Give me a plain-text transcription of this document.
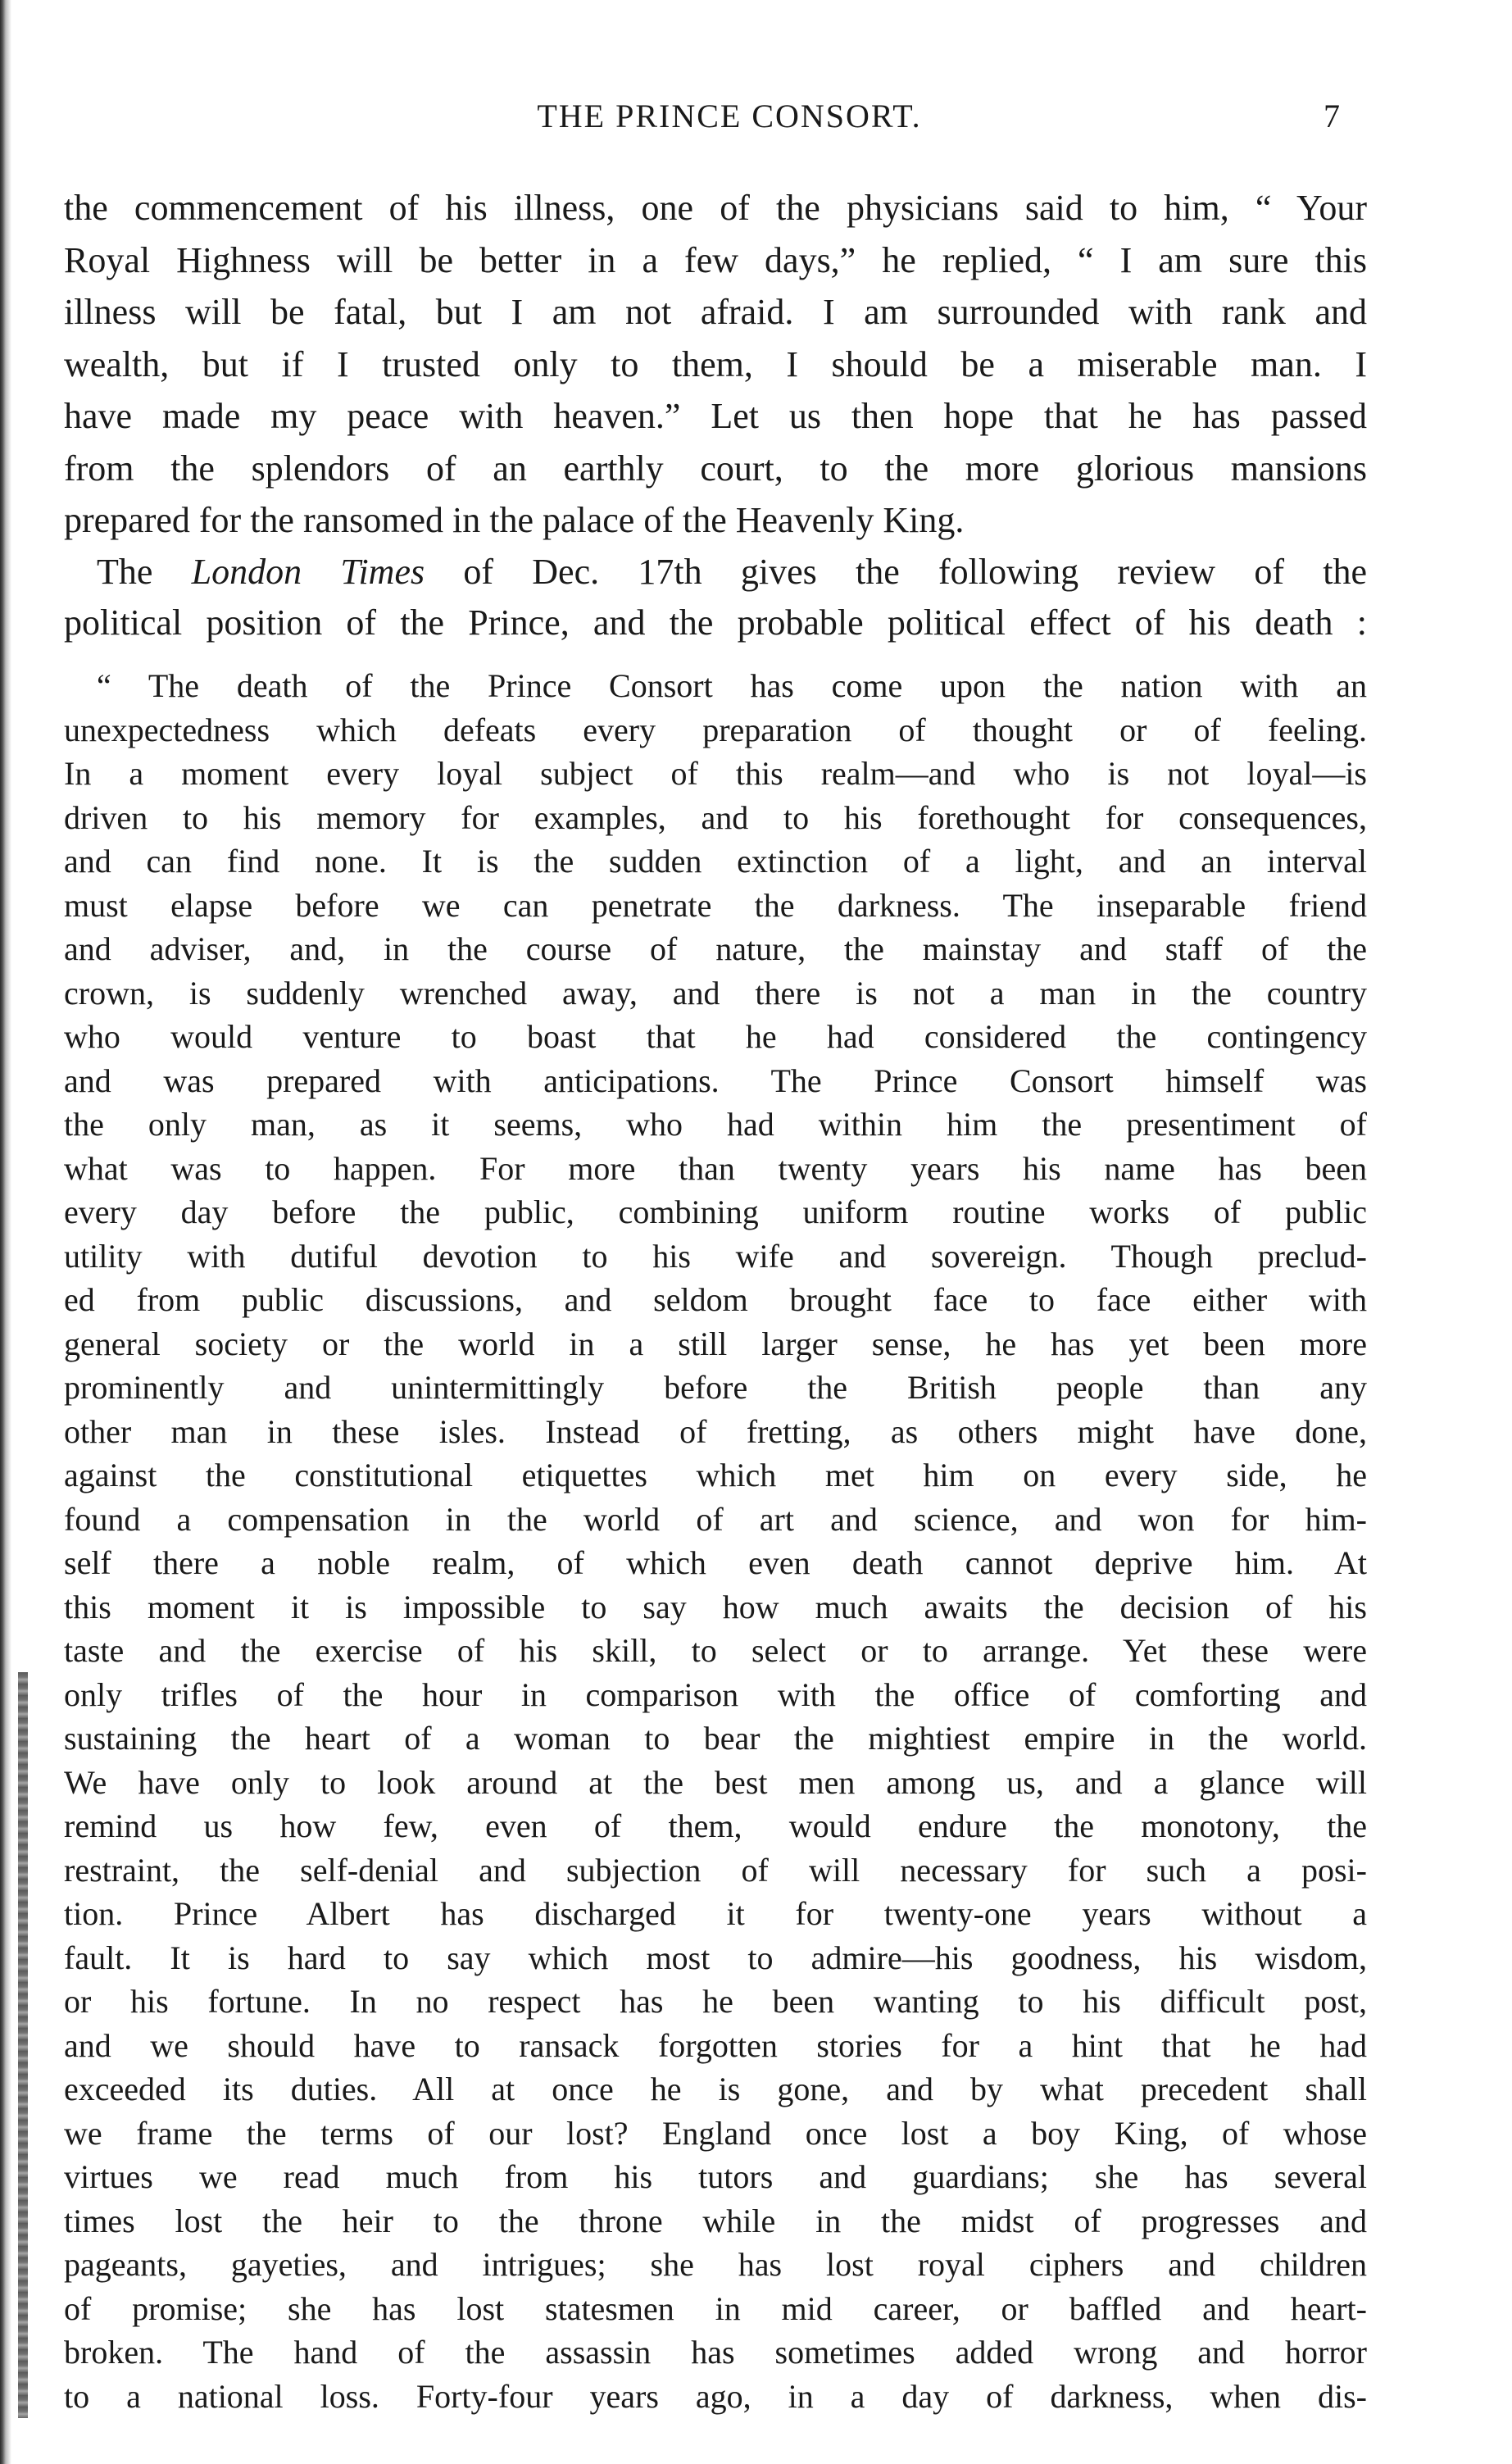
THE PRINCE CONSORT.	7
the commencement of his illness, one of the physicians said to him, “ Your
Royal Highness will be better in a few days,” he replied, “ I am sure this
illness will be fatal, but I am not afraid. I am surrounded with rank and
wealth, but if I trusted only to them, I should be a miserable man. I
have made my peace with heaven.” Let us then hope that he has passed
from the splendors of an earthly court, to the more glorious mansions
prepared for the ransomed in the palace of the Heavenly King.
The London Times of Dec. 17th gives the following review of the
political position of the Prince, and the probable political effect of his death :
“ The death of the Prince Consort has come upon the nation with an
unexpectedness which defeats every preparation of thought or of feeling.
In a moment every loyal subject of this realm—and who is not loyal—is
driven to his memory for examples, and to his forethought for consequences,
and can find none. It is the sudden extinction of a light, and an interval
must elapse before we can penetrate the darkness. The inseparable friend
and adviser, and, in the course of nature, the mainstay and staff of the
crown, is suddenly wrenched away, and there is not a man in the country
who would venture to boast that he had considered the contingency
and was prepared with anticipations. The Prince Consort himself was
the only man, as it seems, who had within him the presentiment of
what was to happen. For more than twenty years his name has been
every day before the public, combining uniform routine works of public
utility with dutiful devotion to his wife and sovereign. Though preclud-
ed from public discussions, and seldom brought face to face either with
general society or the world in a still larger sense, he has yet been more
prominently and unintermittingly before the British people than any
other man in these isles. Instead of fretting, as others might have done,
against the constitutional etiquettes which met him on every side, he
found a compensation in the world of art and science, and won for him-
self there a noble realm, of which even death cannot deprive him. At
this moment it is impossible to say how much awaits the decision of his
taste and the exercise of his skill, to select or to arrange. Yet these were
only trifles of the hour in comparison with the office of comforting and
sustaining the heart of a woman to bear the mightiest empire in the world.
We have only to look around at the best men among us, and a glance will
remind us how few, even of them, would endure the monotony, the
restraint, the self-denial and subjection of will necessary for such a posi-
tion. Prince Albert has discharged it for twenty-one years without a
fault. It is hard to say which most to admire—his goodness, his wisdom,
or his fortune. In no respect has he been wanting to his difficult post,
and we should have to ransack forgotten stories for a hint that he had
exceeded its duties. All at once he is gone, and by what precedent shall
we frame the terms of our lost? England once lost a boy King, of whose
virtues we read much from his tutors and guardians; she has several
times lost the heir to the throne while in the midst of progresses and
pageants, gayeties, and intrigues; she has lost royal ciphers and children
of promise; she has lost statesmen in mid career, or baffled and heart-
broken. The hand of the assassin has sometimes added wrong and horror
to a national loss. Forty-four years ago, in a day of darkness, when dis-
